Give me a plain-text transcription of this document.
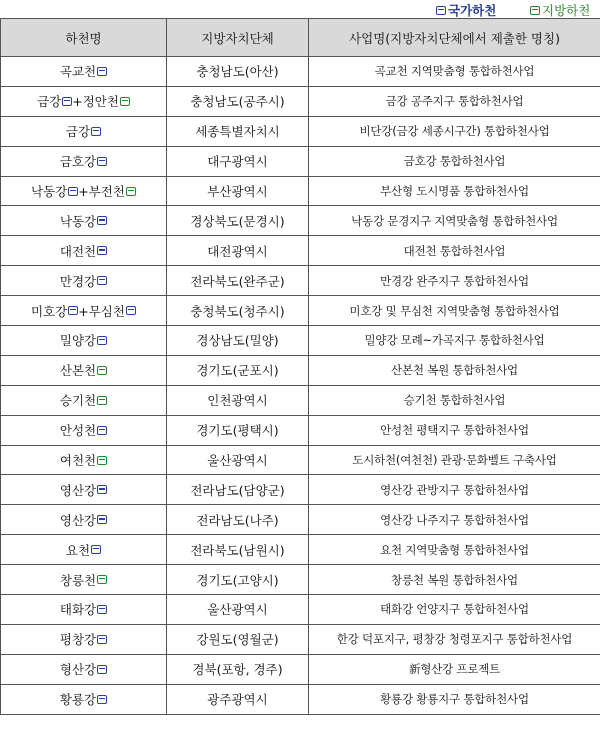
국가하천	지방하천
하천명	지방자치단체	사업명(지방자치단체에서 제출한 명칭)

곡교천	충청남도(아산)	곡교천 지역맞춤형 통합하천사업

금강 + 정안천	충청남도(공주시)	금강 공주지구 통합하천사업

금강	세종특별자치시	비단강(금강 세종시구간) 통합하천사업

금호강	대구광역시	금호강 통합하천사업

낙동강 + 부전천	부산광역시	부산형 도시명품 통합하천사업

낙동강	경상북도(문경시)	낙동강 문경지구 지역맞춤형 통합하천사업

대전천	대전광역시	대전천 통합하천사업

만경강	전라북도(완주군)	만경강 완주지구 통합하천사업

미호강 + 무심천	충청북도(청주시)	미호강 및 무심천 지역맞춤형 통합하천사업

밀양강	경상남도(밀양)	밀양강 모례~가곡지구 통합하천사업

산본천	경기도(군포시)	산본천 복원 통합하천사업

승기천	인천광역시	승기천 통합하천사업

안성천	경기도(평택시)	안성천 평택지구 통합하천사업

여천천	울산광역시	도시하천(여천천) 관광·문화벨트 구축사업

영산강	전라남도(담양군)	영산강 관방지구 통합하천사업

영산강	전라남도(나주)	영산강 나주지구 통합하천사업

요천	전라북도(남원시)	요천 지역맞춤형 통합하천사업

창릉천	경기도(고양시)	창릉천 복원 통합하천사업

태화강	울산광역시	태화강 언양지구 통합하천사업

평창강	강원도(영월군)	한강 덕포지구, 평창강 청령포지구 통합하천사업

형산강	경북(포항, 경주)	新형산강 프로젝트

황룡강	광주광역시	황룡강 황룡지구 통합하천사업
